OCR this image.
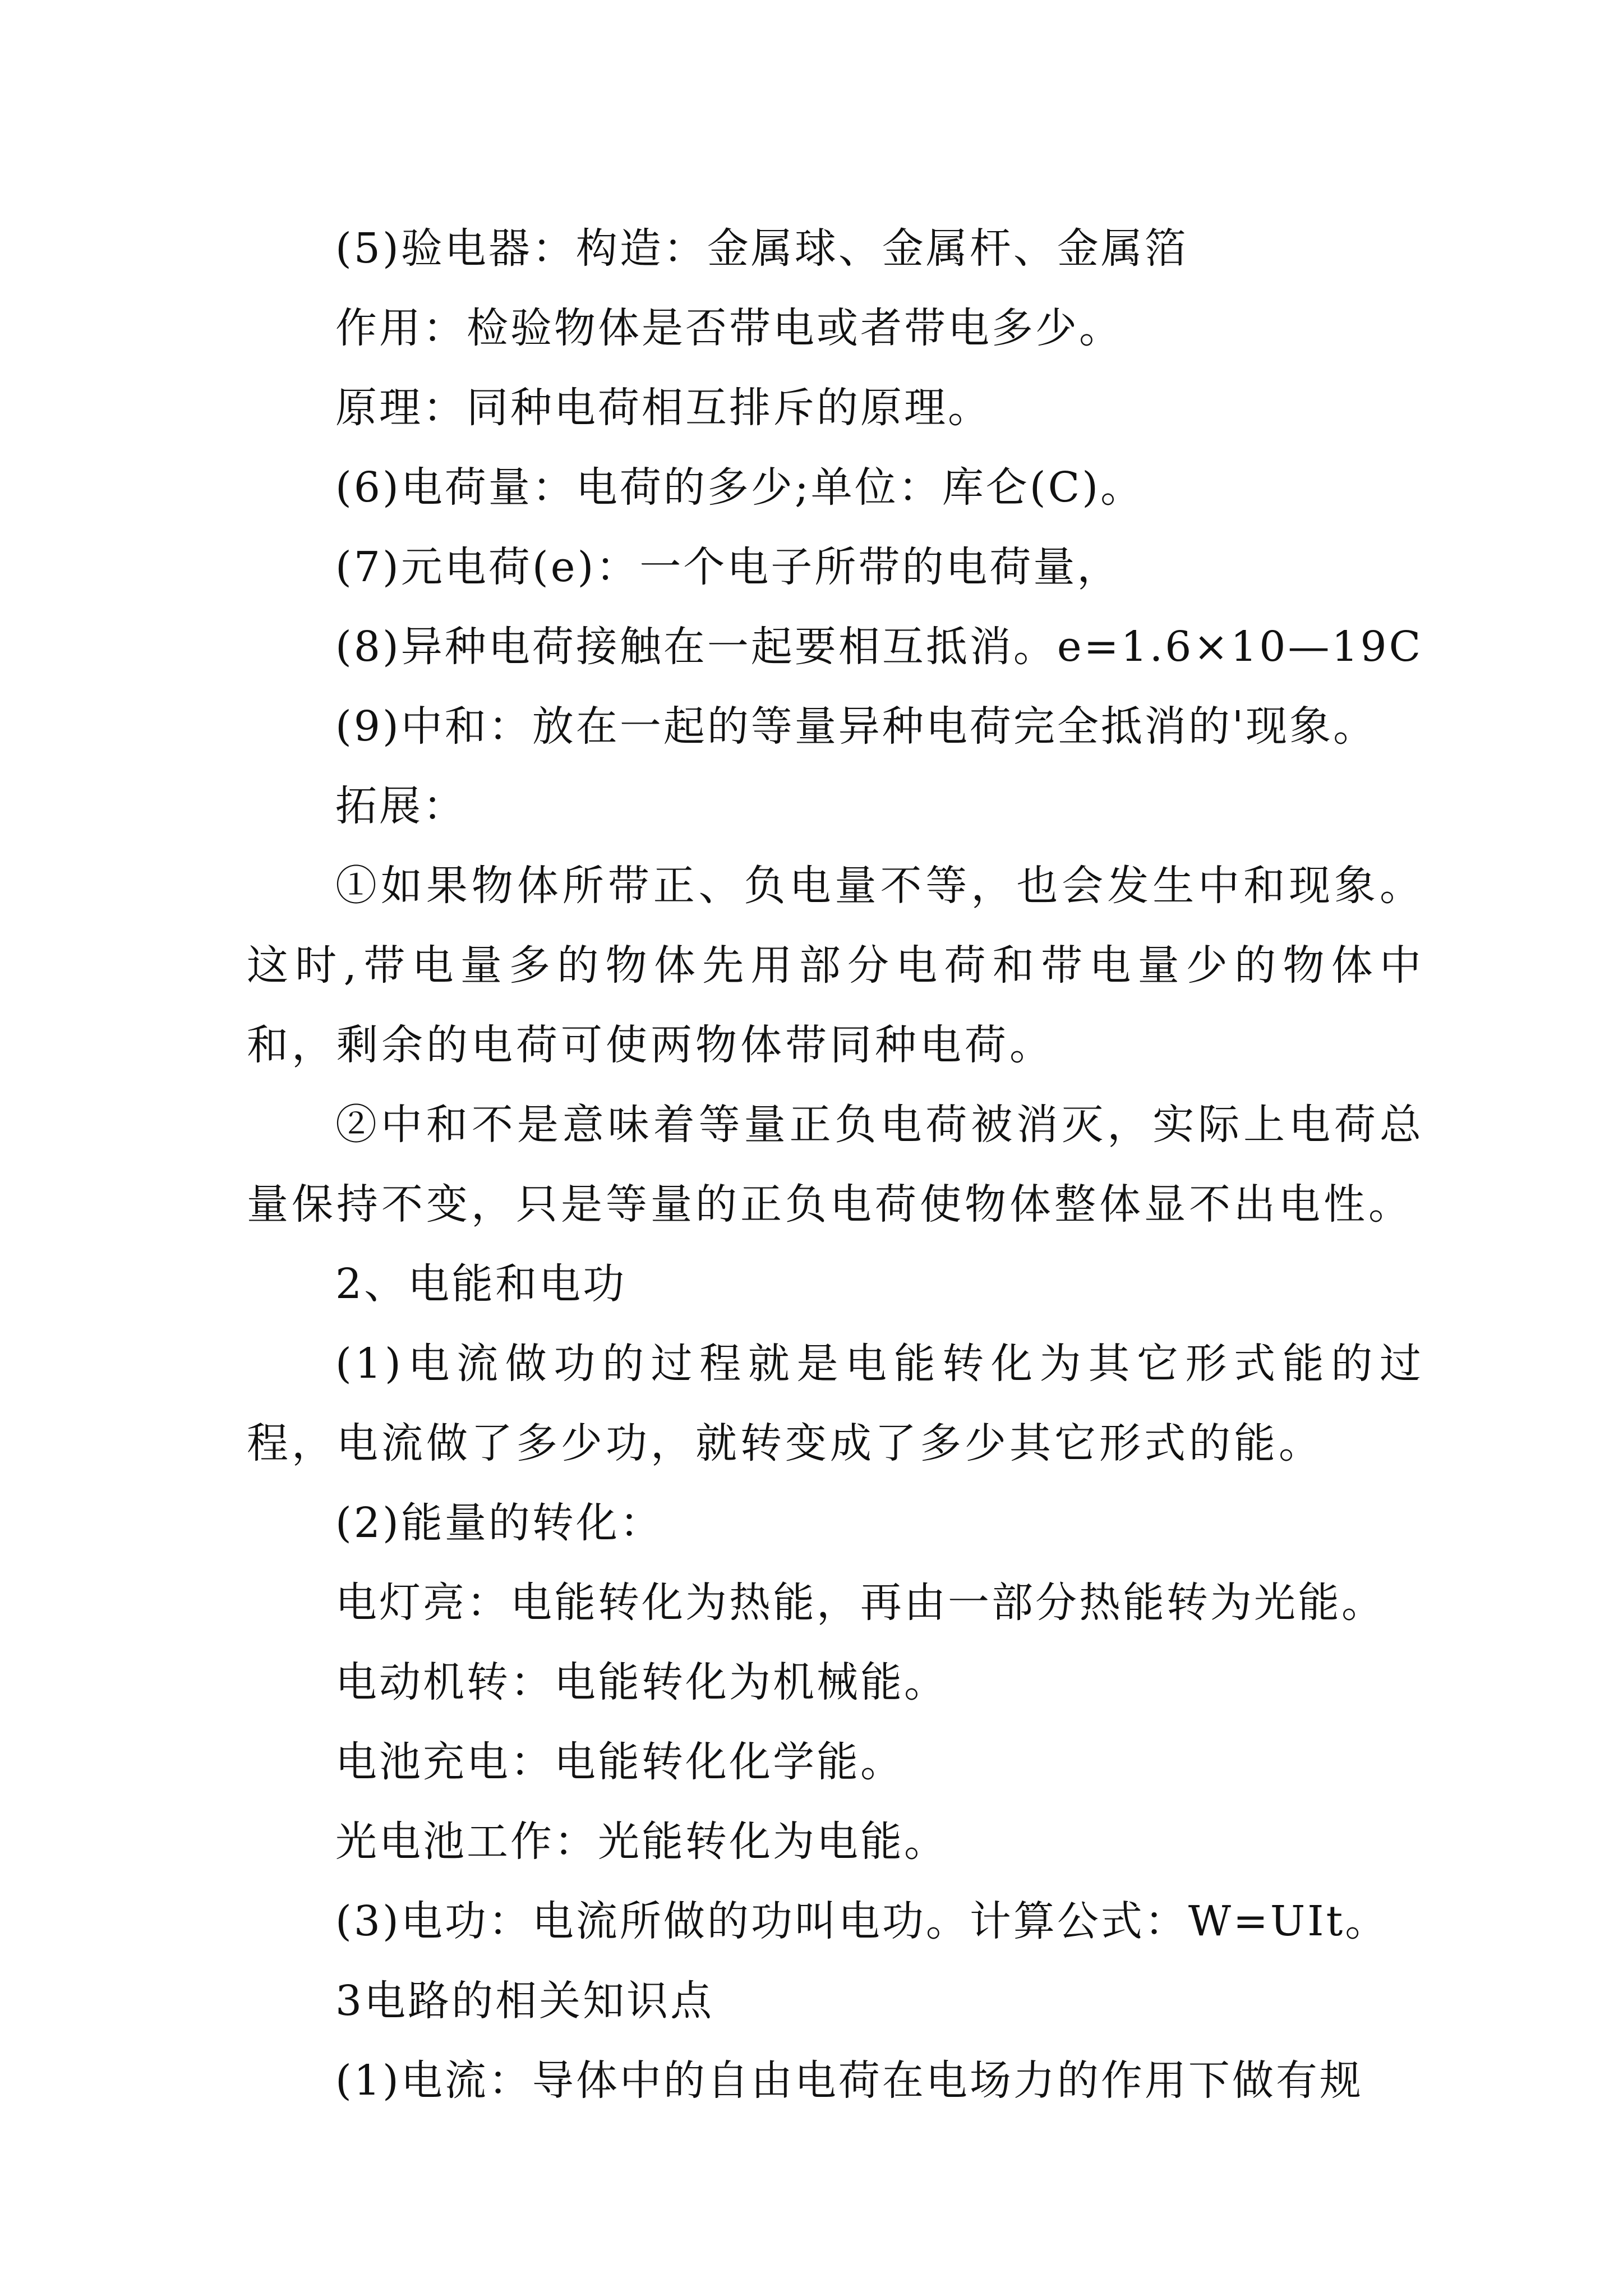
(5)验电器：构造：金属球、金属杆、金属箔
作用：检验物体是否带电或者带电多少。
原理：同种电荷相互排斥的原理。
(6)电荷量：电荷的多少;单位：库仑(C)。
(7)元电荷(e)：一个电子所带的电荷量，
(8)异种电荷接触在一起要相互抵消。e=1.6×10—19C
(9)中和：放在一起的等量异种电荷完全抵消的'现象。
拓展：
①如果物体所带正、负电量不等，也会发生中和现象。这时,带电量多的物体先用部分电荷和带电量少的物体中和，剩余的电荷可使两物体带同种电荷。
②中和不是意味着等量正负电荷被消灭，实际上电荷总量保持不变，只是等量的正负电荷使物体整体显不出电性。
2、电能和电功
(1)电流做功的过程就是电能转化为其它形式能的过程，电流做了多少功，就转变成了多少其它形式的能。
(2)能量的转化：
电灯亮：电能转化为热能，再由一部分热能转为光能。
电动机转：电能转化为机械能。
电池充电：电能转化化学能。
光电池工作：光能转化为电能。
(3)电功：电流所做的功叫电功。计算公式：W=UIt。
3电路的相关知识点
(1)电流：导体中的自由电荷在电场力的作用下做有规
